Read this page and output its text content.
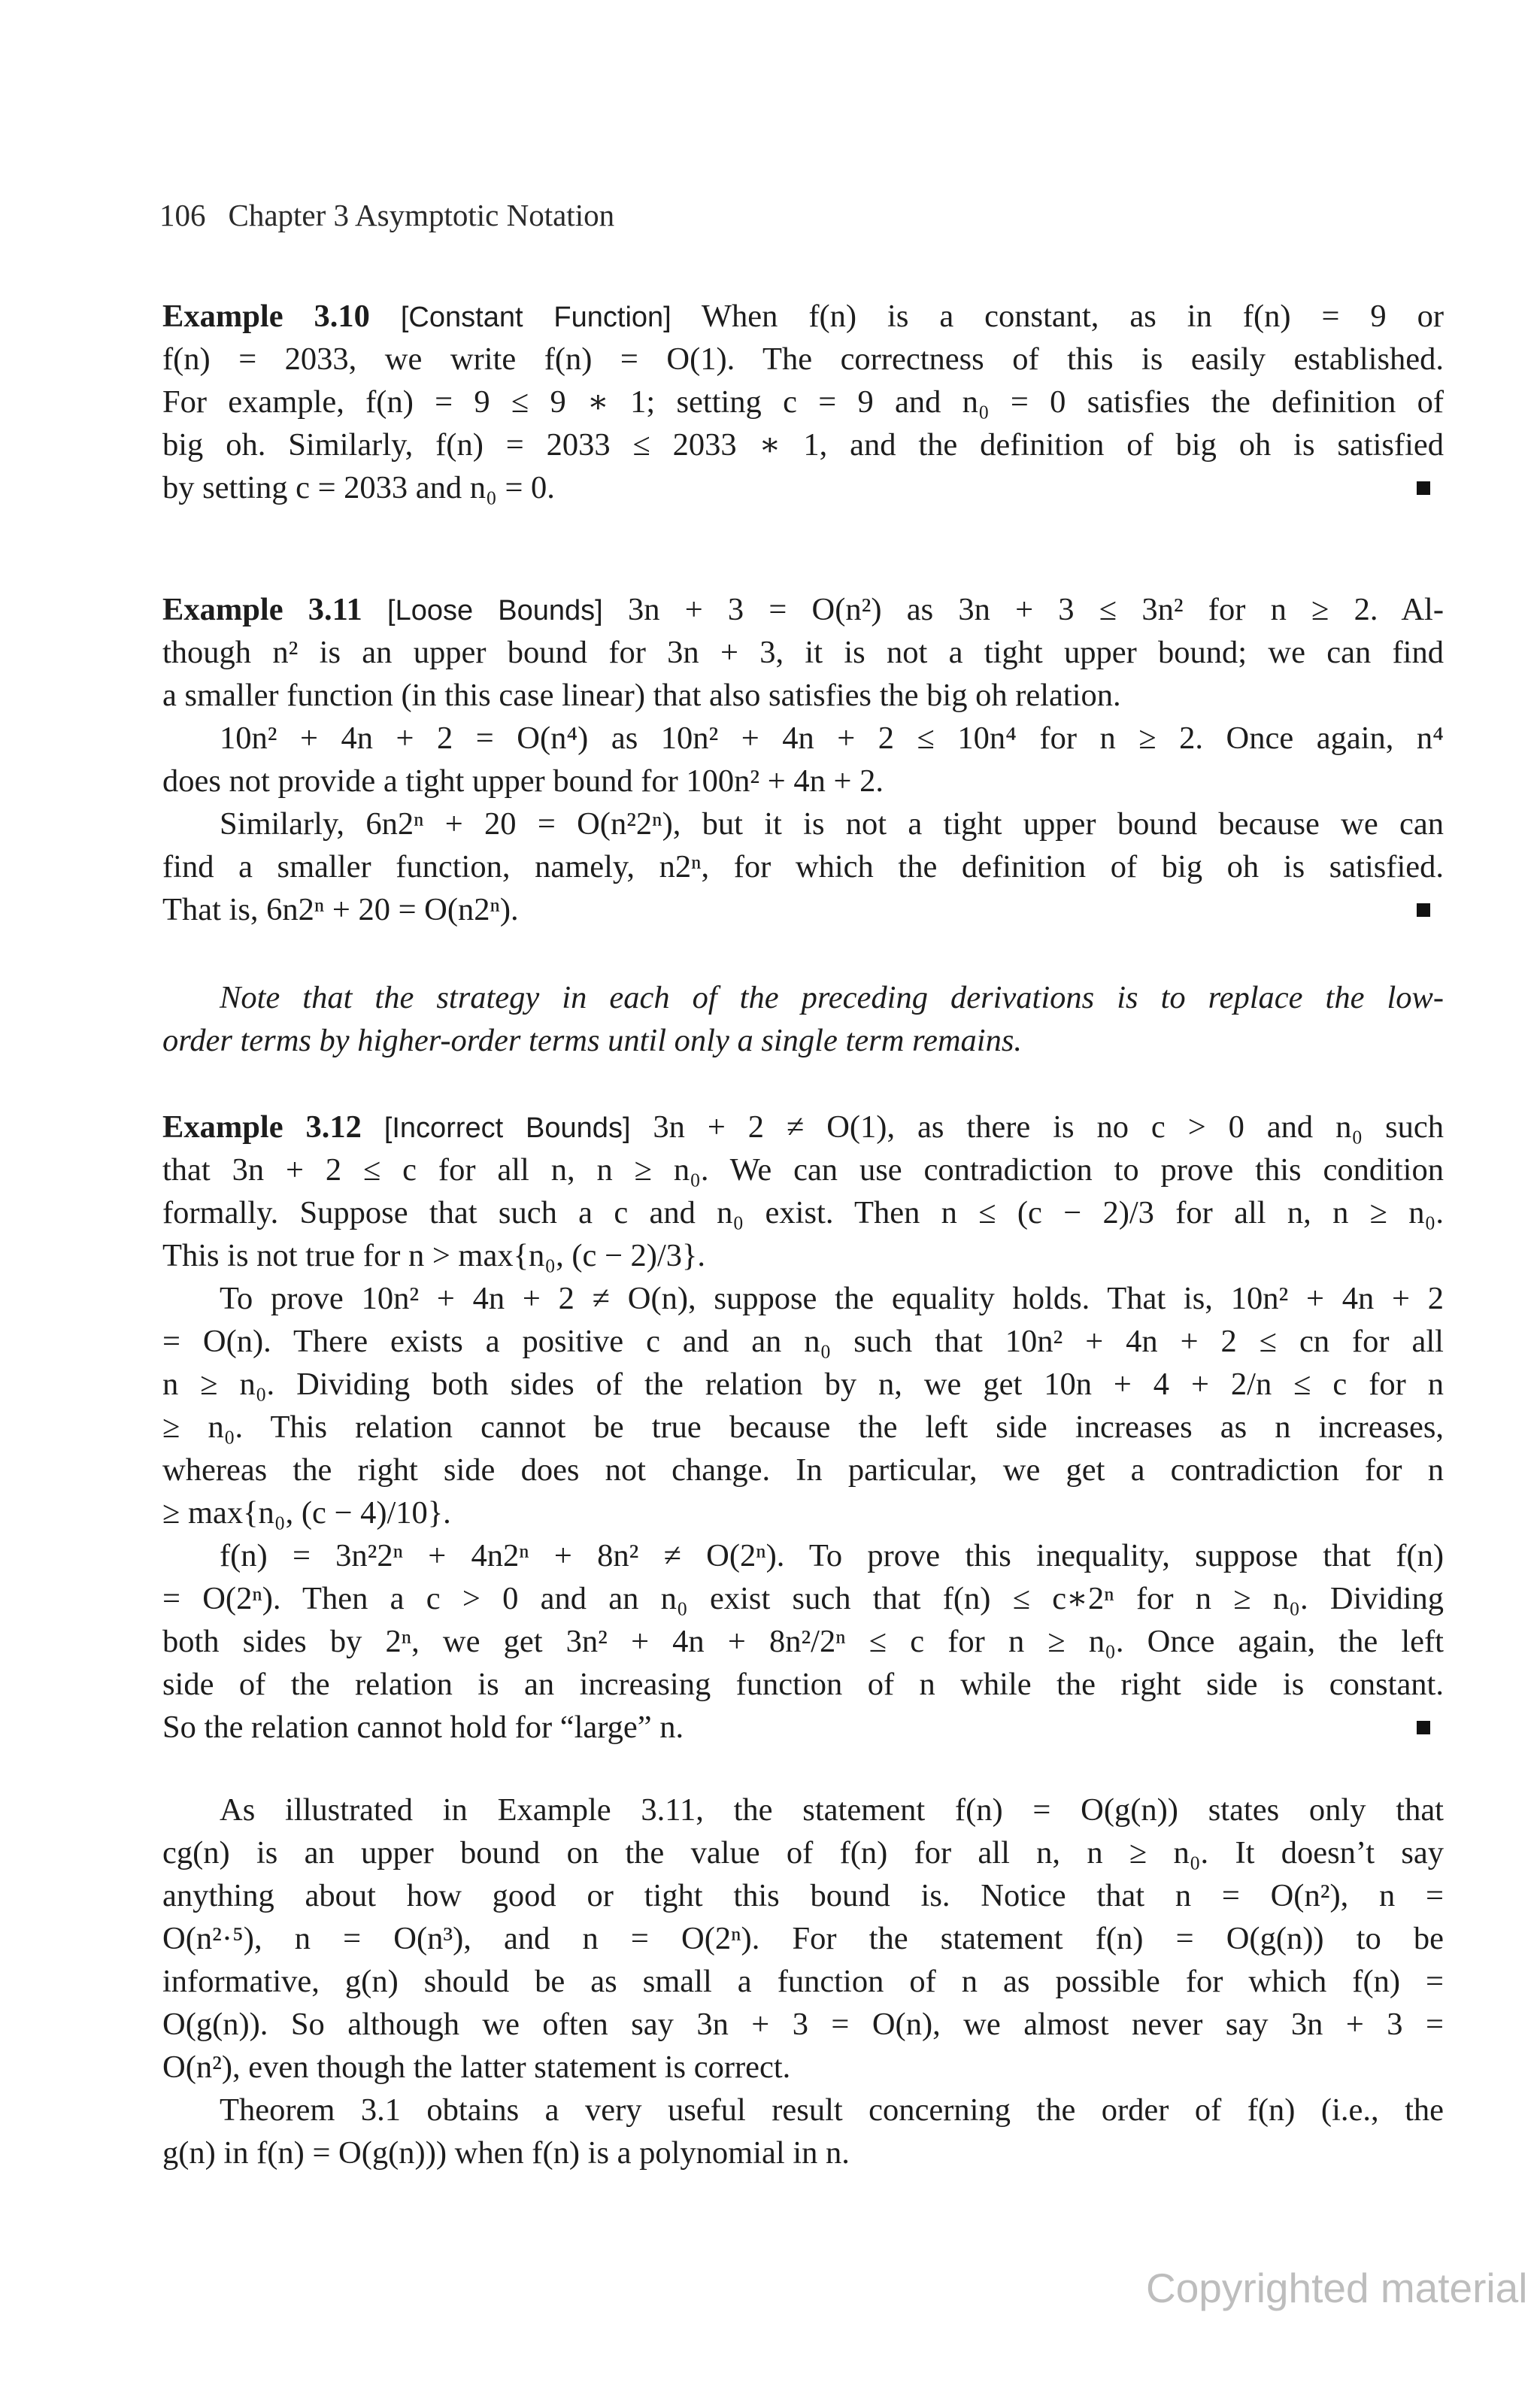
106 Chapter 3 Asymptotic Notation
Example 3.10 [Constant Function] When f(n) is a constant, as in f(n) = 9 or
f(n) = 2033, we write f(n) = O(1). The correctness of this is easily established.
For example, f(n) = 9 ≤ 9 ∗ 1; setting c = 9 and n₀ = 0 satisfies the definition of
big oh. Similarly, f(n) = 2033 ≤ 2033 ∗ 1, and the definition of big oh is satisfied
by setting c = 2033 and n₀ = 0.
Example 3.11 [Loose Bounds] 3n + 3 = O(n²) as 3n + 3 ≤ 3n² for n ≥ 2. Al-
though n² is an upper bound for 3n + 3, it is not a tight upper bound; we can find
a smaller function (in this case linear) that also satisfies the big oh relation.
10n² + 4n + 2 = O(n⁴) as 10n² + 4n + 2 ≤ 10n⁴ for n ≥ 2. Once again, n⁴
does not provide a tight upper bound for 100n² + 4n + 2.
Similarly, 6n2ⁿ + 20 = O(n²2ⁿ), but it is not a tight upper bound because we can
find a smaller function, namely, n2ⁿ, for which the definition of big oh is satisfied.
That is, 6n2ⁿ + 20 = O(n2ⁿ).
Note that the strategy in each of the preceding derivations is to replace the low-
order terms by higher-order terms until only a single term remains.
Example 3.12 [Incorrect Bounds] 3n + 2 ≠ O(1), as there is no c > 0 and n₀ such
that 3n + 2 ≤ c for all n, n ≥ n₀. We can use contradiction to prove this condition
formally. Suppose that such a c and n₀ exist. Then n ≤ (c − 2)/3 for all n, n ≥ n₀.
This is not true for n > max{n₀, (c − 2)/3}.
To prove 10n² + 4n + 2 ≠ O(n), suppose the equality holds. That is, 10n² + 4n + 2
= O(n). There exists a positive c and an n₀ such that 10n² + 4n + 2 ≤ cn for all
n ≥ n₀. Dividing both sides of the relation by n, we get 10n + 4 + 2/n ≤ c for n
≥ n₀. This relation cannot be true because the left side increases as n increases,
whereas the right side does not change. In particular, we get a contradiction for n
≥ max{n₀, (c − 4)/10}.
f(n) = 3n²2ⁿ + 4n2ⁿ + 8n² ≠ O(2ⁿ). To prove this inequality, suppose that f(n)
= O(2ⁿ). Then a c > 0 and an n₀ exist such that f(n) ≤ c∗2ⁿ for n ≥ n₀. Dividing
both sides by 2ⁿ, we get 3n² + 4n + 8n²/2ⁿ ≤ c for n ≥ n₀. Once again, the left
side of the relation is an increasing function of n while the right side is constant.
So the relation cannot hold for “large” n.
As illustrated in Example 3.11, the statement f(n) = O(g(n)) states only that
cg(n) is an upper bound on the value of f(n) for all n, n ≥ n₀. It doesn’t say
anything about how good or tight this bound is. Notice that n = O(n²), n =
O(n²·⁵), n = O(n³), and n = O(2ⁿ). For the statement f(n) = O(g(n)) to be
informative, g(n) should be as small a function of n as possible for which f(n) =
O(g(n)). So although we often say 3n + 3 = O(n), we almost never say 3n + 3 =
O(n²), even though the latter statement is correct.
Theorem 3.1 obtains a very useful result concerning the order of f(n) (i.e., the
g(n) in f(n) = O(g(n))) when f(n) is a polynomial in n.
Copyrighted material
